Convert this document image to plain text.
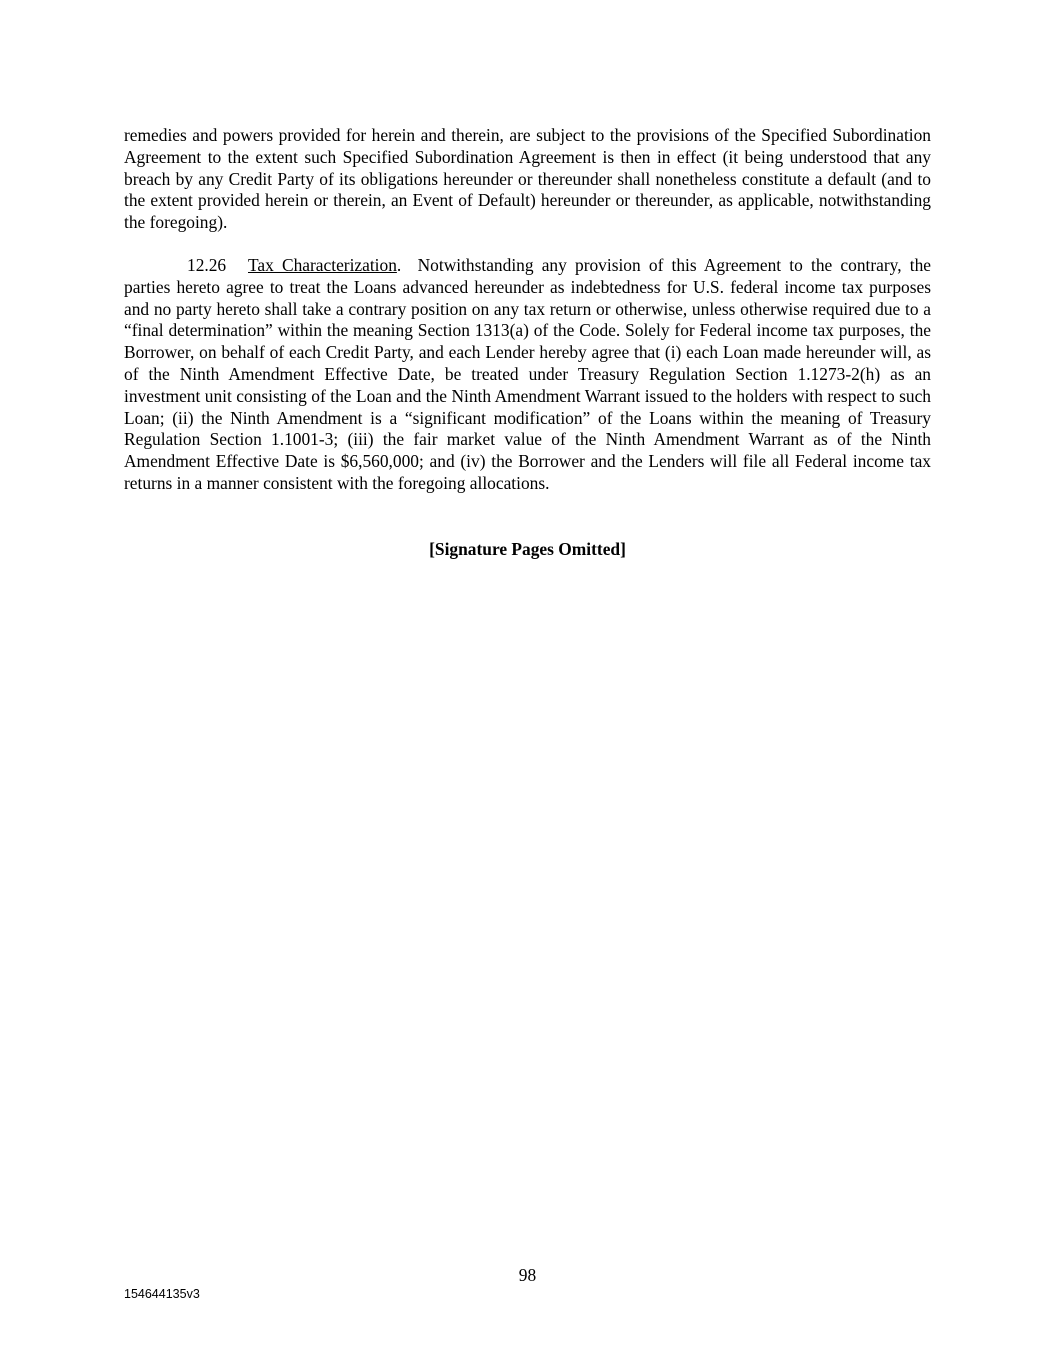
remedies and powers provided for herein and therein, are subject to the provisions of the Specified Subordination Agreement to the extent such Specified Subordination Agreement is then in effect (it being understood that any breach by any Credit Party of its obligations hereunder or thereunder shall nonetheless constitute a default (and to the extent provided herein or therein, an Event of Default) hereunder or thereunder, as applicable, notwithstanding the foregoing).

12.26 Tax Characterization. Notwithstanding any provision of this Agreement to the contrary, the parties hereto agree to treat the Loans advanced hereunder as indebtedness for U.S. federal income tax purposes and no party hereto shall take a contrary position on any tax return or otherwise, unless otherwise required due to a “final determination” within the meaning Section 1313(a) of the Code. Solely for Federal income tax purposes, the Borrower, on behalf of each Credit Party, and each Lender hereby agree that (i) each Loan made hereunder will, as of the Ninth Amendment Effective Date, be treated under Treasury Regulation Section 1.1273-2(h) as an investment unit consisting of the Loan and the Ninth Amendment Warrant issued to the holders with respect to such Loan; (ii) the Ninth Amendment is a “significant modification” of the Loans within the meaning of Treasury Regulation Section 1.1001-3; (iii) the fair market value of the Ninth Amendment Warrant as of the Ninth Amendment Effective Date is $6,560,000; and (iv) the Borrower and the Lenders will file all Federal income tax returns in a manner consistent with the foregoing allocations.

[Signature Pages Omitted]
98
154644135v3
